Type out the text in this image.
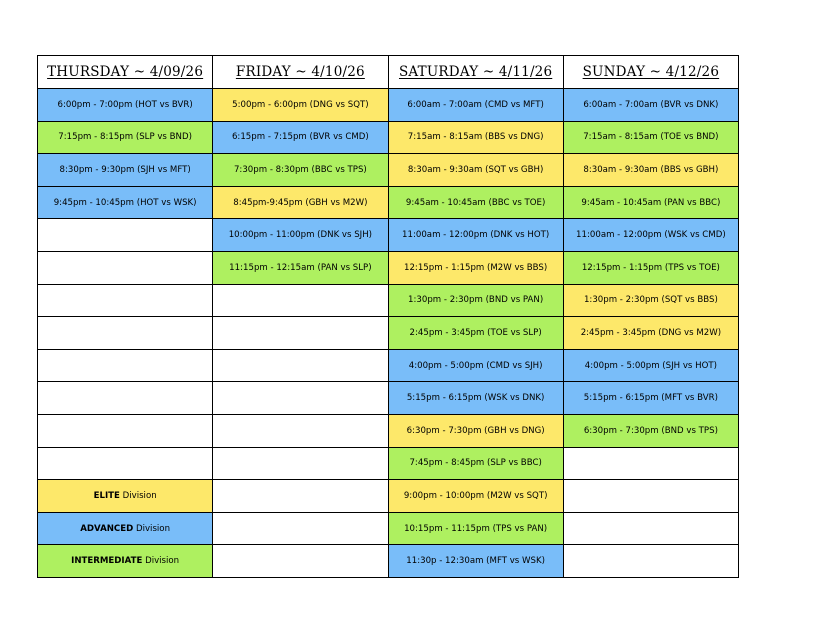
THURSDAY ~ 4/09/26	FRIDAY ~ 4/10/26	SATURDAY ~ 4/11/26	SUNDAY ~ 4/12/26
6:00pm - 7:00pm (HOT vs BVR)	5:00pm - 6:00pm (DNG vs SQT)	6:00am - 7:00am (CMD vs MFT)	6:00am - 7:00am (BVR vs DNK)
7:15pm - 8:15pm (SLP vs BND)	6:15pm - 7:15pm (BVR vs CMD)	7:15am - 8:15am (BBS vs DNG)	7:15am - 8:15am (TOE vs BND)
8:30pm - 9:30pm (SJH vs MFT)	7:30pm - 8:30pm (BBC vs TPS)	8:30am - 9:30am (SQT vs GBH)	8:30am - 9:30am (BBS vs GBH)
9:45pm - 10:45pm (HOT vs WSK)	8:45pm-9:45pm (GBH vs M2W)	9:45am - 10:45am (BBC vs TOE)	9:45am - 10:45am (PAN vs BBC)
	10:00pm - 11:00pm (DNK vs SJH)	11:00am - 12:00pm (DNK vs HOT)	11:00am - 12:00pm (WSK vs CMD)
	11:15pm - 12:15am (PAN vs SLP)	12:15pm - 1:15pm (M2W vs BBS)	12:15pm - 1:15pm (TPS vs TOE)
		1:30pm - 2:30pm (BND vs PAN)	1:30pm - 2:30pm (SQT vs BBS)
		2:45pm - 3:45pm (TOE vs SLP)	2:45pm - 3:45pm (DNG vs M2W)
		4:00pm - 5:00pm (CMD vs SJH)	4:00pm - 5:00pm (SJH vs HOT)
		5:15pm - 6:15pm (WSK vs DNK)	5:15pm - 6:15pm (MFT vs BVR)
		6:30pm - 7:30pm (GBH vs DNG)	6:30pm - 7:30pm (BND vs TPS)
		7:45pm - 8:45pm (SLP vs BBC)	
ELITE Division		9:00pm - 10:00pm (M2W vs SQT)	
ADVANCED Division		10:15pm - 11:15pm (TPS vs PAN)	
INTERMEDIATE Division		11:30p - 12:30am (MFT vs WSK)	
